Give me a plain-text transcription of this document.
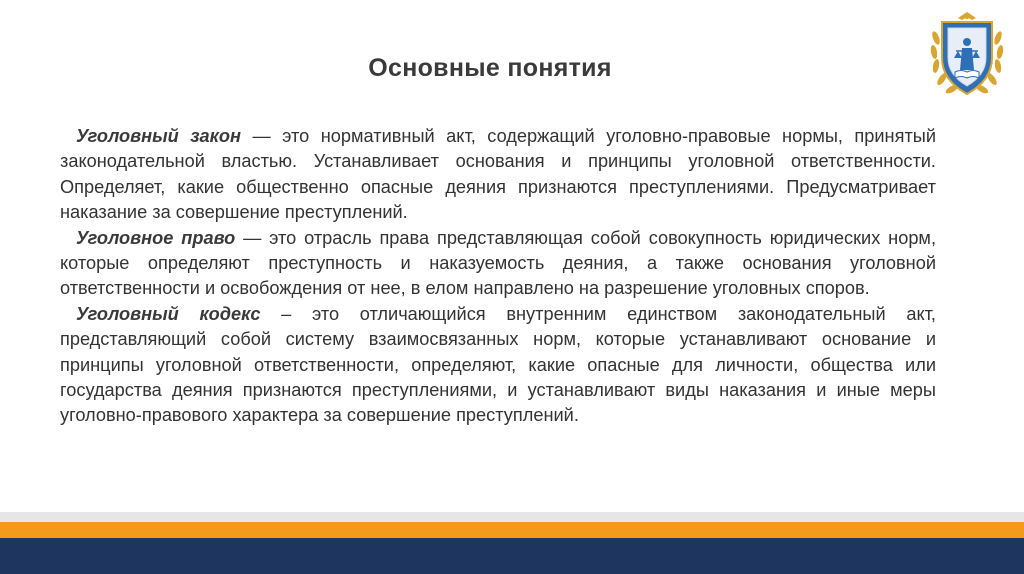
Основные понятия

Уголовный закон — это нормативный акт, содержащий уголовно-правовые нормы, принятый законодательной властью. Устанавливает основания и принципы уголовной ответственности. Определяет, какие общественно опасные деяния признаются преступлениями. Предусматривает наказание за совершение преступлений.

Уголовное право — это отрасль права представляющая собой совокупность юридических норм, которые определяют преступность и наказуемость деяния, а также основания уголовной ответственности и освобождения от нее, в елом направлено на разрешение уголовных споров.

Уголовный кодекс – это отличающийся внутренним единством законодательный акт, представляющий собой систему взаимосвязанных норм, которые устанавливают основание и принципы уголовной ответственности, определяют, какие опасные для личности, общества или государства деяния признаются преступлениями, и устанавливают виды наказания и иные меры уголовно-правового характера за совершение преступлений.
